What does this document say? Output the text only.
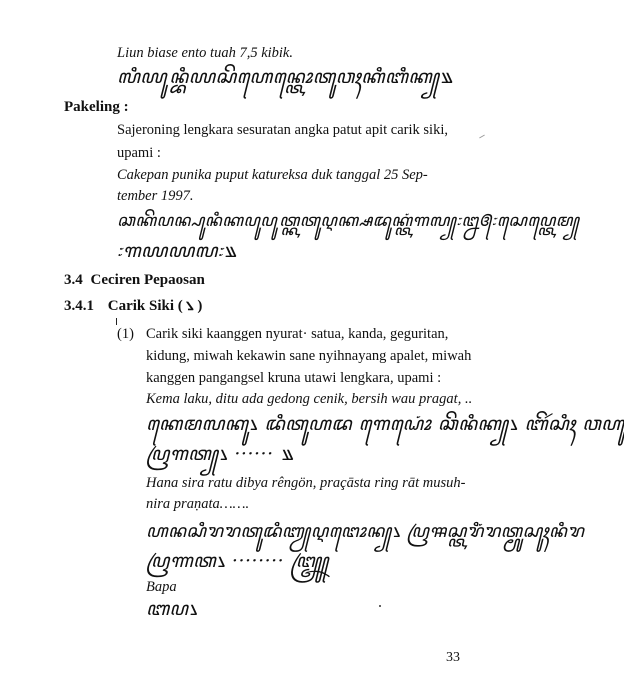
Liun biase ento tuah 7,5 kibik.
ꦭꦶꦪꦸꦤ꧀ꦧꦶꦪꦱꦼꦲꦺꦤ꧀ꦠꦺꦴꦠꦸꦮꦃꦏꦶꦧꦶꦏ꧀꧉
Pakeling :
Sajeroning lengkara sesuratan angka patut apit carik siki,
upami :
Cakepan punika puput katureksa duk tanggal 25 Sep-
tember 1997.
ꦕꦏꦼꦥꦤ꧀ꦥꦸꦤꦶꦏꦥꦸꦥꦸꦠ꧀ꦏꦠꦸꦉꦏ꧀ꦱꦢꦸꦏ꧀ꦠꦁꦒꦭ꧀꧇꧒꧕꧇ꦱꦺꦥ꧀ꦠꦺꦩ꧀
꧇꧑꧙꧙꧗꧇꧉
3.4 Ceciren Pepaosan
3.4.1 Carik Siki ( ꧈ )
(1) Carik siki kaanggen nyurat· satua, kanda, geguritan,
kidung, miwah kekawin sane nyihnayang apalet, miwah
kanggen pangangsel kruna utawi lengkara, upami :
Kema laku, ditu ada gedong cenik, bersih wau pragat, ..
ꦏꦺꦩꦭꦏꦸ꧈ ꦢꦶꦠꦸꦲꦢ ꦒꦺꦝꦺꦴꦁ ꦕꦼꦤꦶꦏ꧀꧈ ꦧꦼꦂꦱꦶꦃ ꦮꦲꦸ
ꦥꦿꦒꦠ꧀꧈ ······ ꧉
Hana sira ratu dibya rêngön, praçāsta ring rāt musuh-
nira praṇata…….
ꦲꦤꦱꦶꦫꦫꦠꦸꦢꦶꦧꦾꦉꦔꦺꦴꦤ꧀꧈ ꦥꦿꦯꦱ꧀ꦠꦫꦶꦁꦫꦠ꧀ꦩꦸꦱꦸꦃꦤꦶꦫ
ꦥꦿꦟꦠ꧈ ········ ꧅
Bapa
ꦧꦥ꧈
33
